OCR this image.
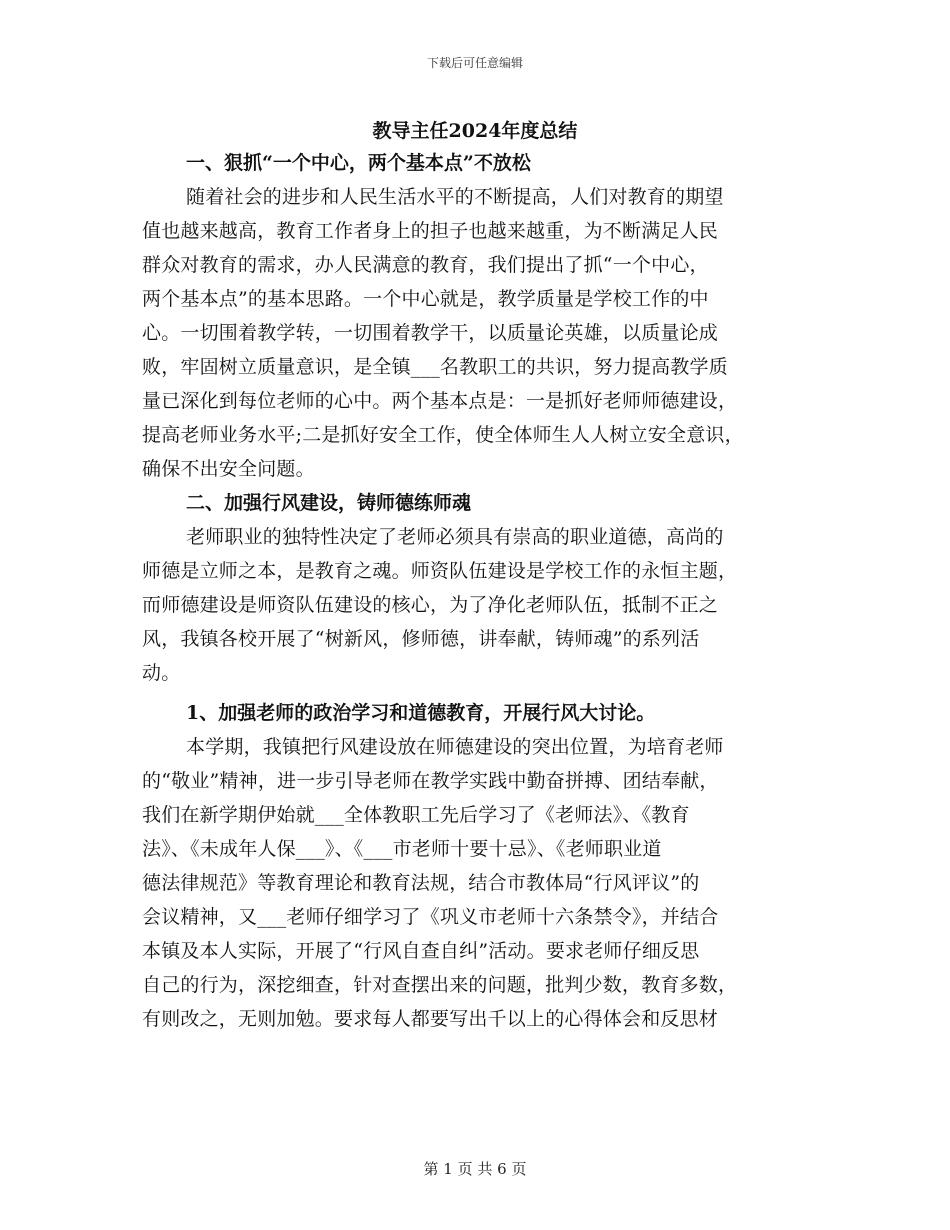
下载后可任意编辑
教导主任2024年度总结

一、狠抓“一个中心，两个基本点”不放松

随着社会的进步和人民生活水平的不断提高，人们对教育的期望

值也越来越高，教育工作者身上的担子也越来越重，为不断满足人民

群众对教育的需求，办人民满意的教育，我们提出了抓“一个中心，

两个基本点”的基本思路。一个中心就是，教学质量是学校工作的中

心。一切围着教学转，一切围着教学干，以质量论英雄，以质量论成

败，牢固树立质量意识，是全镇___名教职工的共识，努力提高教学质

量已深化到每位老师的心中。两个基本点是：一是抓好老师师德建设，

提高老师业务水平;二是抓好安全工作，使全体师生人人树立安全意识，

确保不出安全问题。

二、加强行风建设，铸师德练师魂

老师职业的独特性决定了老师必须具有崇高的职业道德，高尚的

师德是立师之本，是教育之魂。师资队伍建设是学校工作的永恒主题，

而师德建设是师资队伍建设的核心，为了净化老师队伍，抵制不正之

风，我镇各校开展了“树新风，修师德，讲奉献，铸师魂”的系列活

动。

1、加强老师的政治学习和道德教育，开展行风大讨论。

本学期，我镇把行风建设放在师德建设的突出位置，为培育老师

的“敬业”精神，进一步引导老师在教学实践中勤奋拼搏、团结奉献，

我们在新学期伊始就___全体教职工先后学习了《老师法》、《教育

法》、《未成年人保___》、《___市老师十要十忌》、《老师职业道

德法律规范》等教育理论和教育法规，结合市教体局“行风评议”的

会议精神，又___老师仔细学习了《巩义市老师十六条禁令》，并结合

本镇及本人实际，开展了“行风自查自纠”活动。要求老师仔细反思

自己的行为，深挖细查，针对查摆出来的问题，批判少数，教育多数，

有则改之，无则加勉。要求每人都要写出千以上的心得体会和反思材

第 1 页 共 6 页
